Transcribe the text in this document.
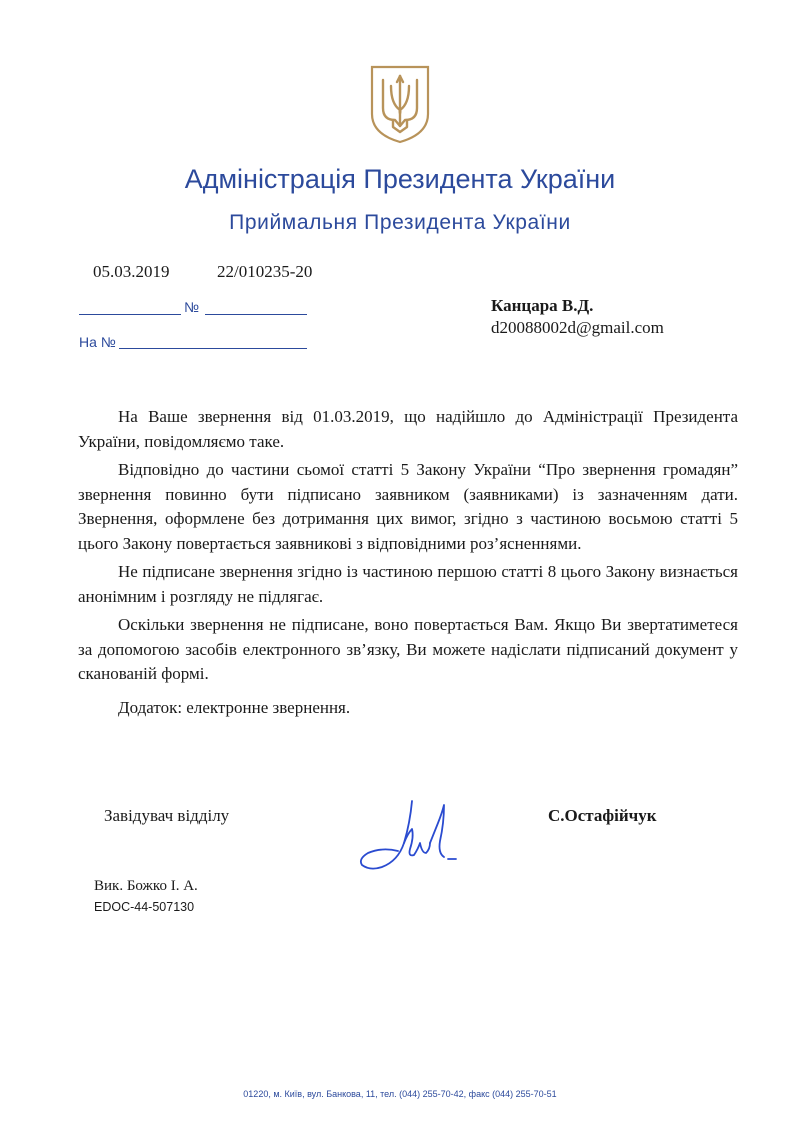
Адміністрація Президента України
Приймальня Президента України
05.03.2019	22/010235-20
№
На №
Канцара В.Д.
d20088002d@gmail.com

На Ваше звернення від 01.03.2019, що надійшло до Адміністрації Президента України, повідомляємо таке.

Відповідно до частини сьомої статті 5 Закону України “Про звернення громадян” звернення повинно бути підписано заявником (заявниками) із зазначенням дати. Звернення, оформлене без дотримання цих вимог, згідно з частиною восьмою статті 5 цього Закону повертається заявникові з відповідними роз’ясненнями.

Не підписане звернення згідно із частиною першою статті 8 цього Закону визнається анонімним і розгляду не підлягає.

Оскільки звернення не підписане, воно повертається Вам. Якщо Ви звертатиметеся за допомогою засобів електронного зв’язку, Ви можете надіслати підписаний документ у сканованій формі.

Додаток: електронне звернення.

Завідувач відділу	С.Остафійчук
Вик. Божко І. А.
EDOC-44-507130
01220, м. Київ, вул. Банкова, 11, тел. (044) 255-70-42, факс (044) 255-70-51
